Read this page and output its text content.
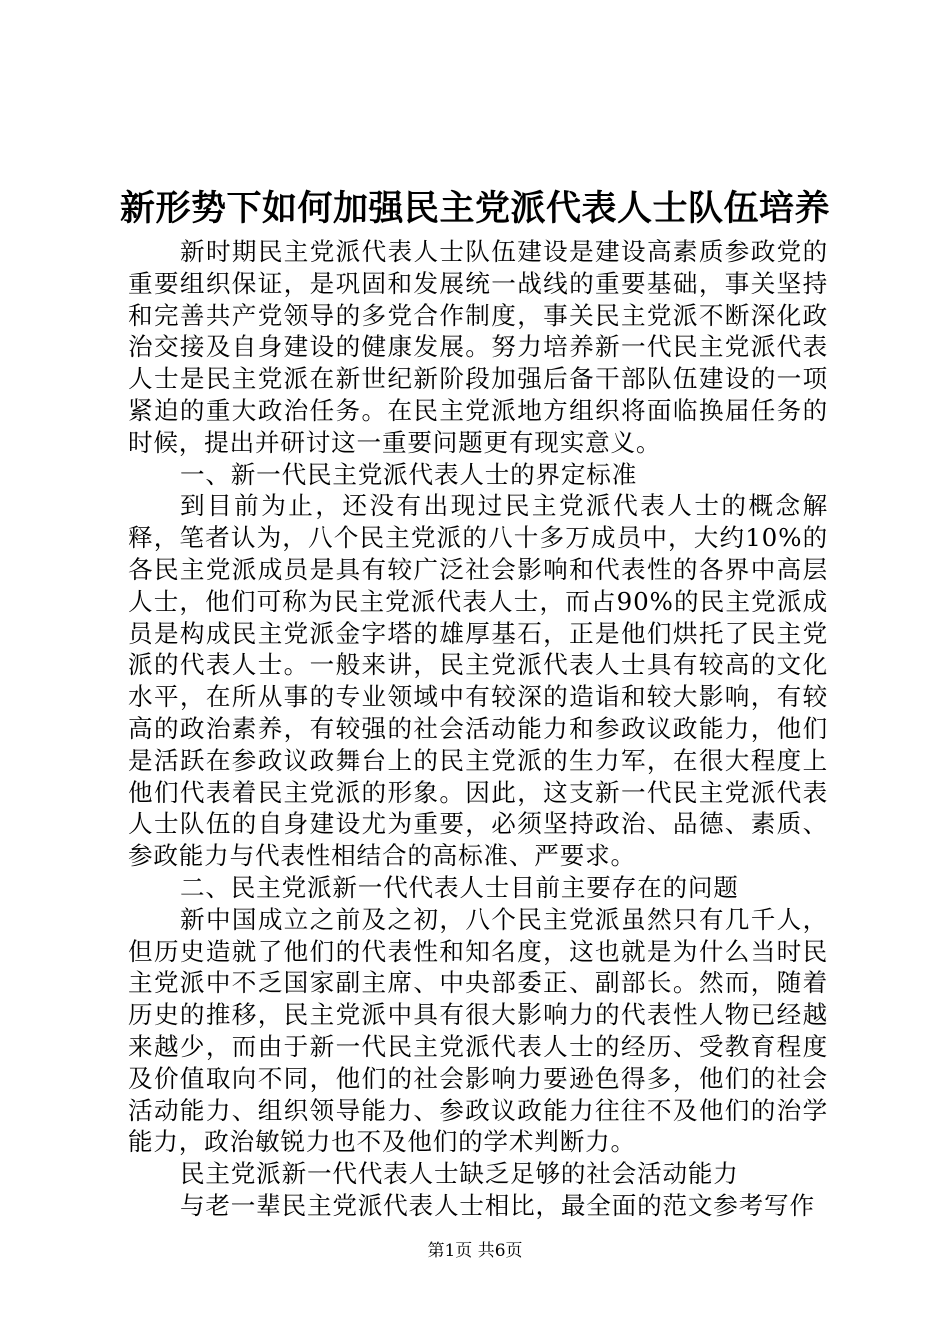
新形势下如何加强民主党派代表人士队伍培养

新时期民主党派代表人士队伍建设是建设高素质参政党的重要组织保证，是巩固和发展统一战线的重要基础，事关坚持和完善共产党领导的多党合作制度，事关民主党派不断深化政治交接及自身建设的健康发展。努力培养新一代民主党派代表人士是民主党派在新世纪新阶段加强后备干部队伍建设的一项紧迫的重大政治任务。在民主党派地方组织将面临换届任务的时候，提出并研讨这一重要问题更有现实意义。

一、新一代民主党派代表人士的界定标准

到目前为止，还没有出现过民主党派代表人士的概念解释，笔者认为，八个民主党派的八十多万成员中，大约10%的各民主党派成员是具有较广泛社会影响和代表性的各界中高层人士，他们可称为民主党派代表人士，而占90%的民主党派成员是构成民主党派金字塔的雄厚基石，正是他们烘托了民主党派的代表人士。一般来讲，民主党派代表人士具有较高的文化水平，在所从事的专业领域中有较深的造诣和较大影响，有较高的政治素养，有较强的社会活动能力和参政议政能力，他们是活跃在参政议政舞台上的民主党派的生力军，在很大程度上他们代表着民主党派的形象。因此，这支新一代民主党派代表人士队伍的自身建设尤为重要，必须坚持政治、品德、素质、参政能力与代表性相结合的高标准、严要求。

二、民主党派新一代代表人士目前主要存在的问题

新中国成立之前及之初，八个民主党派虽然只有几千人，但历史造就了他们的代表性和知名度，这也就是为什么当时民主党派中不乏国家副主席、中央部委正、副部长。然而，随着历史的推移，民主党派中具有很大影响力的代表性人物已经越来越少，而由于新一代民主党派代表人士的经历、受教育程度及价值取向不同，他们的社会影响力要逊色得多，他们的社会活动能力、组织领导能力、参政议政能力往往不及他们的治学能力，政治敏锐力也不及他们的学术判断力。

民主党派新一代代表人士缺乏足够的社会活动能力

与老一辈民主党派代表人士相比，最全面的范文参考写作

第1页 共6页
